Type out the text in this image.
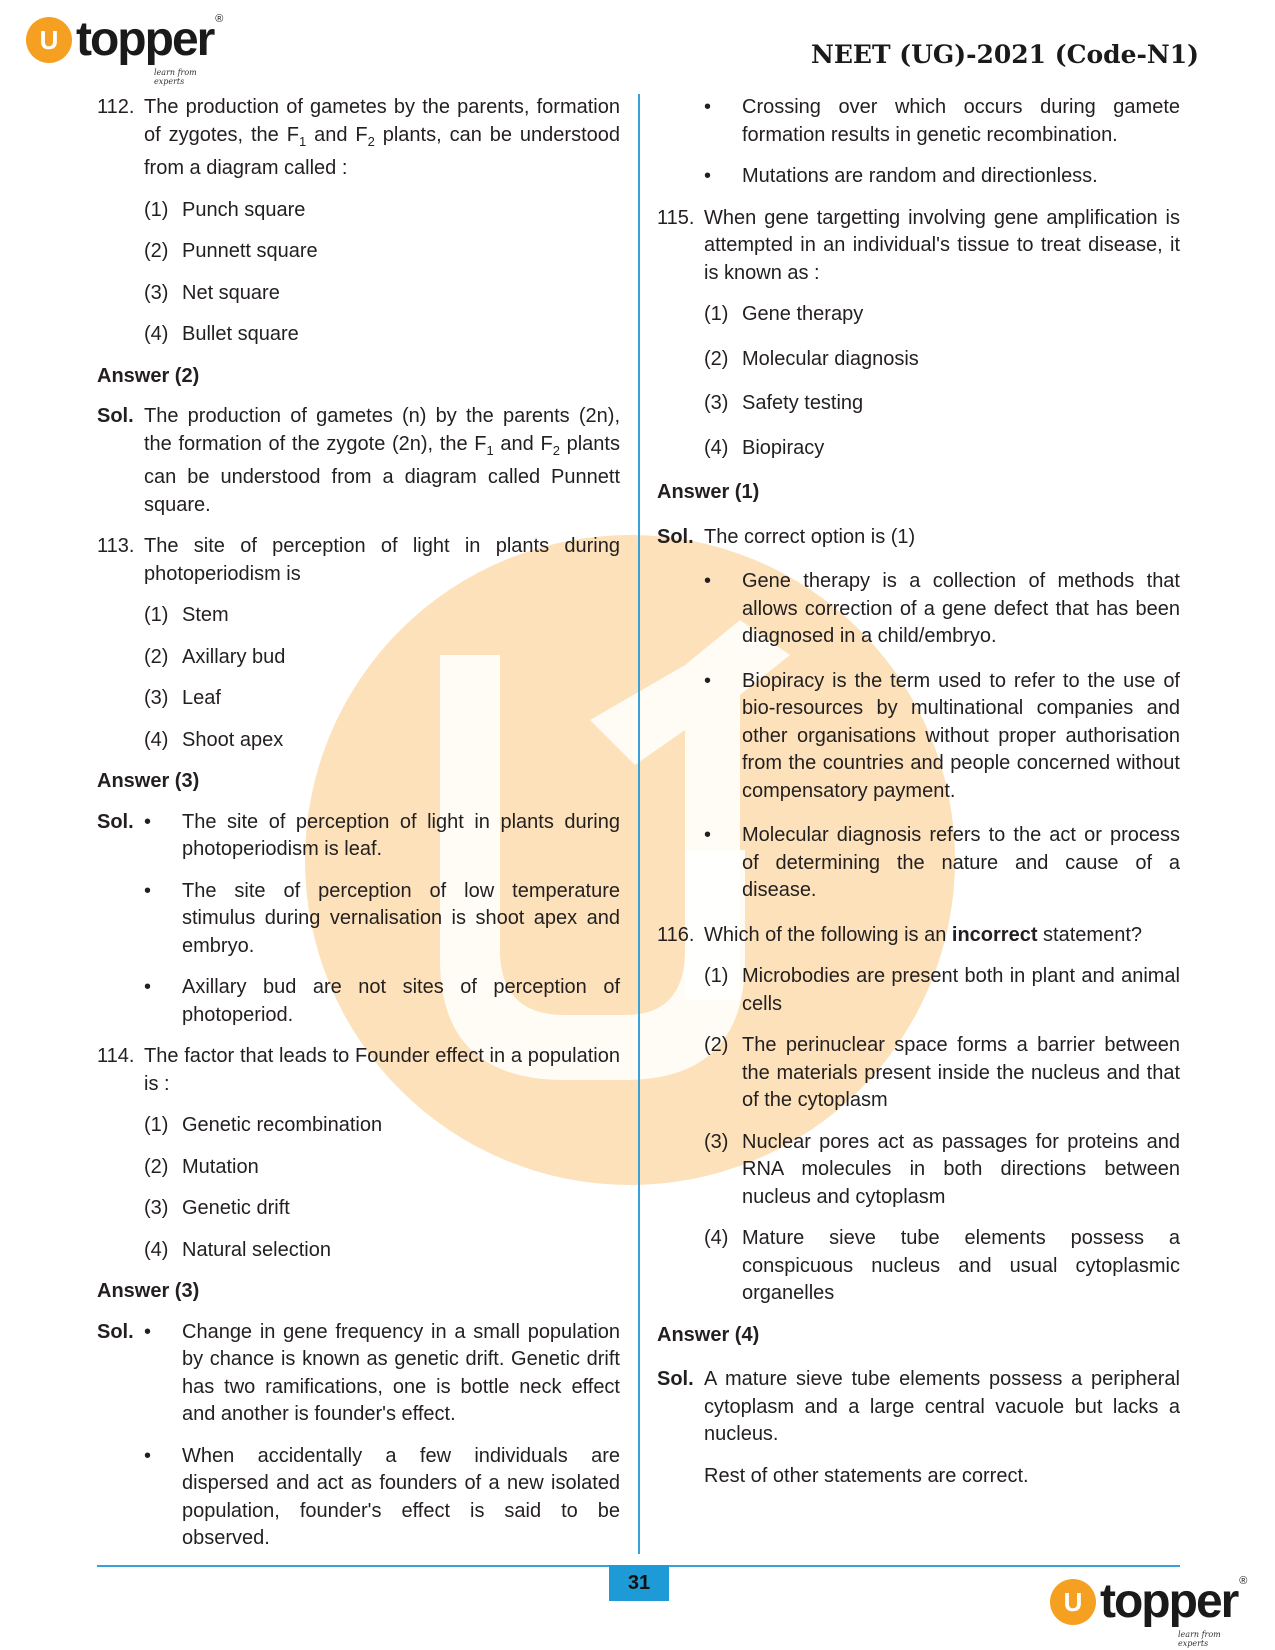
U topper ®
learn from experts
NEET (UG)-2021 (Code-N1)
112. The production of gametes by the parents, formation of zygotes, the $F_1$ and $F_2$ plants, can be understood from a diagram called :
(1) Punch square
(2) Punnett square
(3) Net square
(4) Bullet square
Answer (2)
Sol. The production of gametes (n) by the parents (2n), the formation of the zygote (2n), the $F_1$ and $F_2$ plants can be understood from a diagram called Punnett square.
113. The site of perception of light in plants during photoperiodism is
(1) Stem
(2) Axillary bud
(3) Leaf
(4) Shoot apex
Answer (3)
Sol. •	The site of perception of light in plants during photoperiodism is leaf.
•	The site of perception of low temperature stimulus during vernalisation is shoot apex and embryo.
•	Axillary bud are not sites of perception of photoperiod.
114. The factor that leads to Founder effect in a population is :
(1) Genetic recombination
(2) Mutation
(3) Genetic drift
(4) Natural selection
Answer (3)
Sol. •	Change in gene frequency in a small population by chance is known as genetic drift. Genetic drift has two ramifications, one is bottle neck effect and another is founder's effect.
•	When accidentally a few individuals are dispersed and act as founders of a new isolated population, founder's effect is said to be observed.
•	Crossing over which occurs during gamete formation results in genetic recombination.
•	Mutations are random and directionless.
115. When gene targetting involving gene amplification is attempted in an individual's tissue to treat disease, it is known as :
(1) Gene therapy
(2) Molecular diagnosis
(3) Safety testing
(4) Biopiracy
Answer (1)
Sol. The correct option is (1)
•	Gene therapy is a collection of methods that allows correction of a gene defect that has been diagnosed in a child/embryo.
•	Biopiracy is the term used to refer to the use of bio-resources by multinational companies and other organisations without proper authorisation from the countries and people concerned without compensatory payment.
•	Molecular diagnosis refers to the act or process of determining the nature and cause of a disease.
116. Which of the following is an incorrect statement?
(1) Microbodies are present both in plant and animal cells
(2) The perinuclear space forms a barrier between the materials present inside the nucleus and that of the cytoplasm
(3) Nuclear pores act as passages for proteins and RNA molecules in both directions between nucleus and cytoplasm
(4) Mature sieve tube elements possess a conspicuous nucleus and usual cytoplasmic organelles
Answer (4)
Sol. A mature sieve tube elements possess a peripheral cytoplasm and a large central vacuole but lacks a nucleus.
Rest of other statements are correct.
31
U topper ®
learn from experts
